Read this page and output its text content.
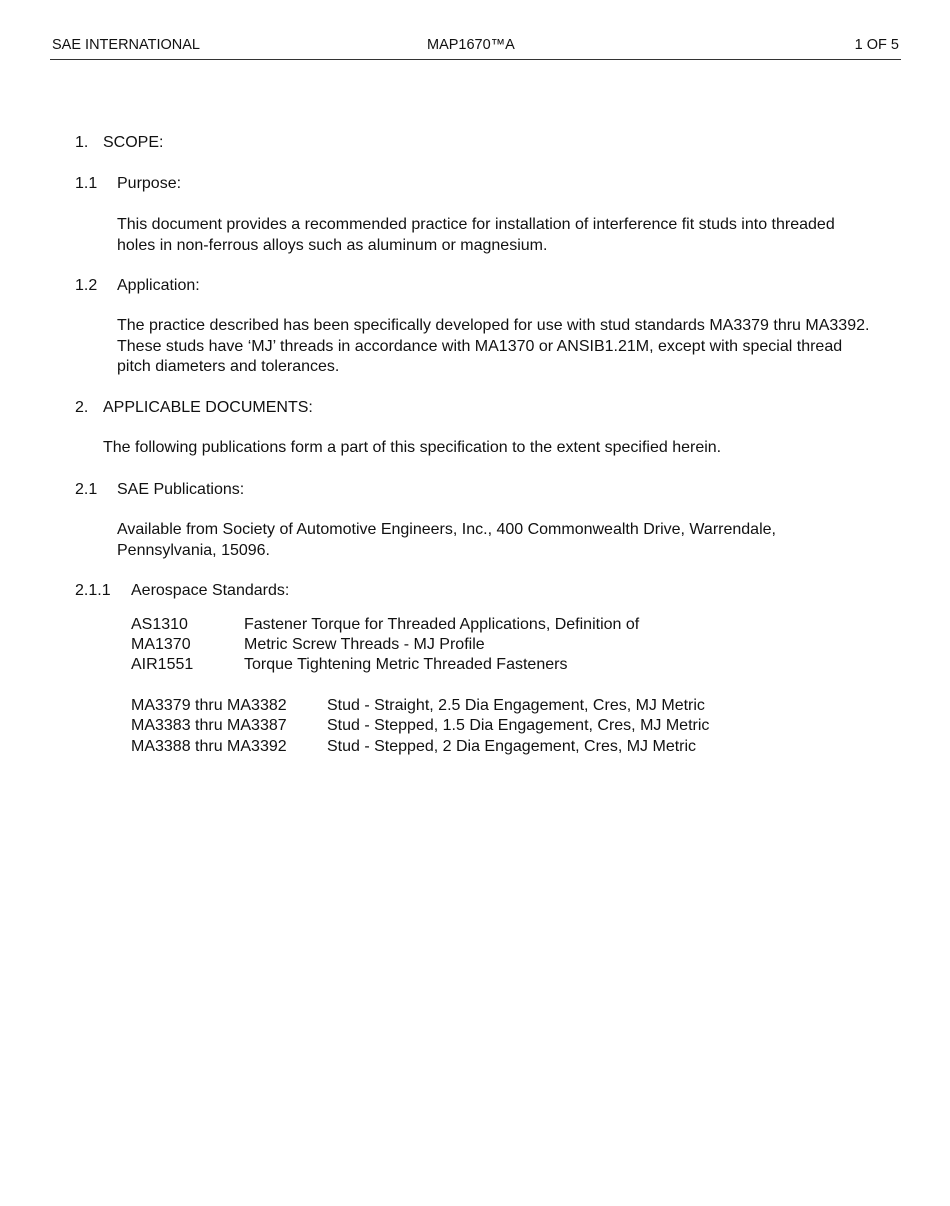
SAE INTERNATIONAL	MAP1670™A	1 OF 5
1. SCOPE:
1.1 Purpose:
This document provides a recommended practice for installation of interference fit studs into threaded holes in non-ferrous alloys such as aluminum or magnesium.
1.2 Application:
The practice described has been specifically developed for use with stud standards MA3379 thru MA3392. These studs have ‘MJ’ threads in accordance with MA1370 or ANSIB1.21M, except with special thread pitch diameters and tolerances.
2. APPLICABLE DOCUMENTS:
The following publications form a part of this specification to the extent specified herein.
2.1 SAE Publications:
Available from Society of Automotive Engineers, Inc., 400 Commonwealth Drive, Warrendale, Pennsylvania, 15096.
2.1.1 Aerospace Standards:
AS1310	Fastener Torque for Threaded Applications, Definition of
MA1370	Metric Screw Threads - MJ Profile
AIR1551	Torque Tightening Metric Threaded Fasteners
MA3379 thru MA3382	Stud - Straight, 2.5 Dia Engagement, Cres, MJ Metric
MA3383 thru MA3387	Stud - Stepped, 1.5 Dia Engagement, Cres, MJ Metric
MA3388 thru MA3392	Stud - Stepped, 2 Dia Engagement, Cres, MJ Metric
